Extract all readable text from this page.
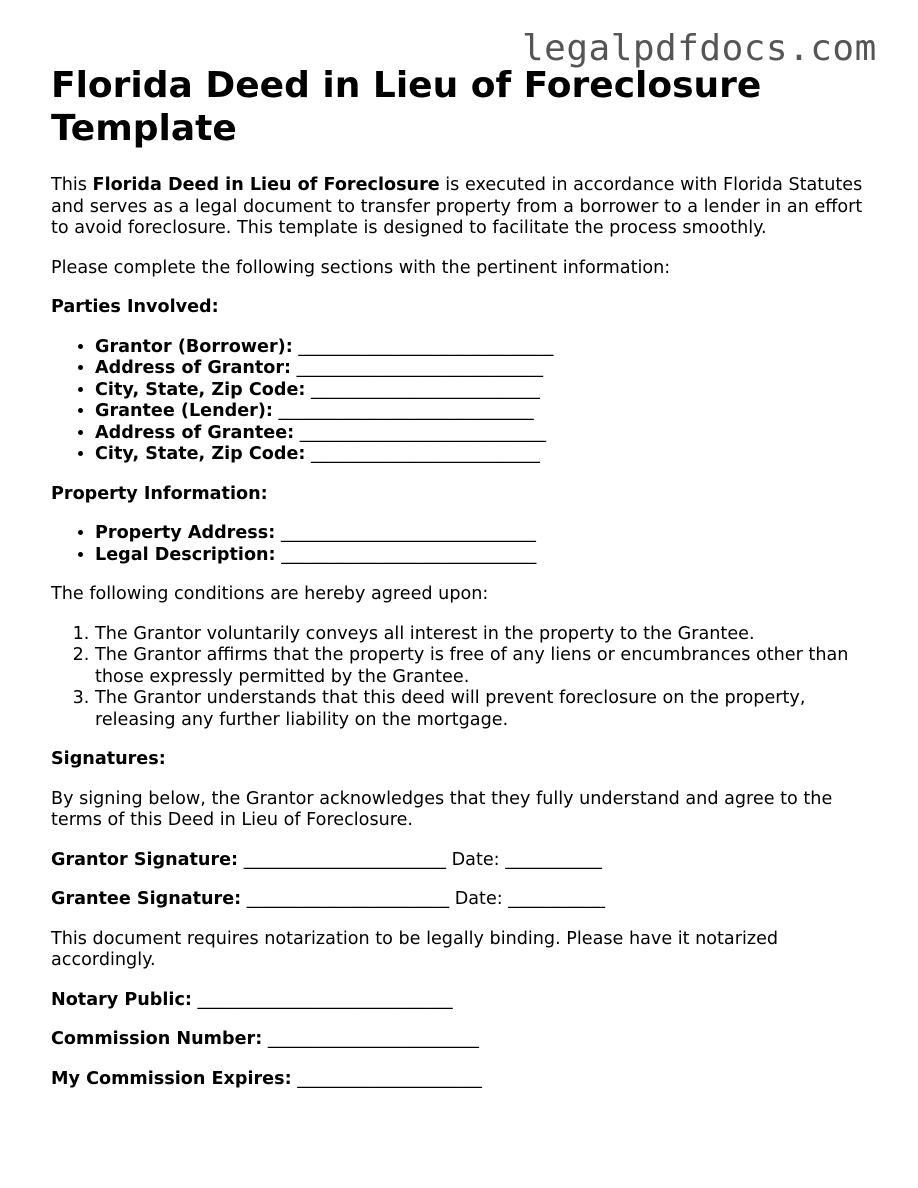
legalpdfdocs.com
Florida Deed in Lieu of Foreclosure Template

This Florida Deed in Lieu of Foreclosure is executed in accordance with Florida Statutes and serves as a legal document to transfer property from a borrower to a lender in an effort to avoid foreclosure. This template is designed to facilitate the process smoothly.

Please complete the following sections with the pertinent information:

Parties Involved:

• Grantor (Borrower): _____________________________
• Address of Grantor: ____________________________
• City, State, Zip Code: __________________________
• Grantee (Lender): _____________________________
• Address of Grantee: ____________________________
• City, State, Zip Code: __________________________

Property Information:

• Property Address: _____________________________
• Legal Description: _____________________________

The following conditions are hereby agreed upon:

1. The Grantor voluntarily conveys all interest in the property to the Grantee.
2. The Grantor affirms that the property is free of any liens or encumbrances other than those expressly permitted by the Grantee.
3. The Grantor understands that this deed will prevent foreclosure on the property, releasing any further liability on the mortgage.

Signatures:

By signing below, the Grantor acknowledges that they fully understand and agree to the terms of this Deed in Lieu of Foreclosure.

Grantor Signature: _______________________ Date: ___________

Grantee Signature: _______________________ Date: ___________

This document requires notarization to be legally binding. Please have it notarized accordingly.

Notary Public: _____________________________

Commission Number: ________________________

My Commission Expires: _____________________
